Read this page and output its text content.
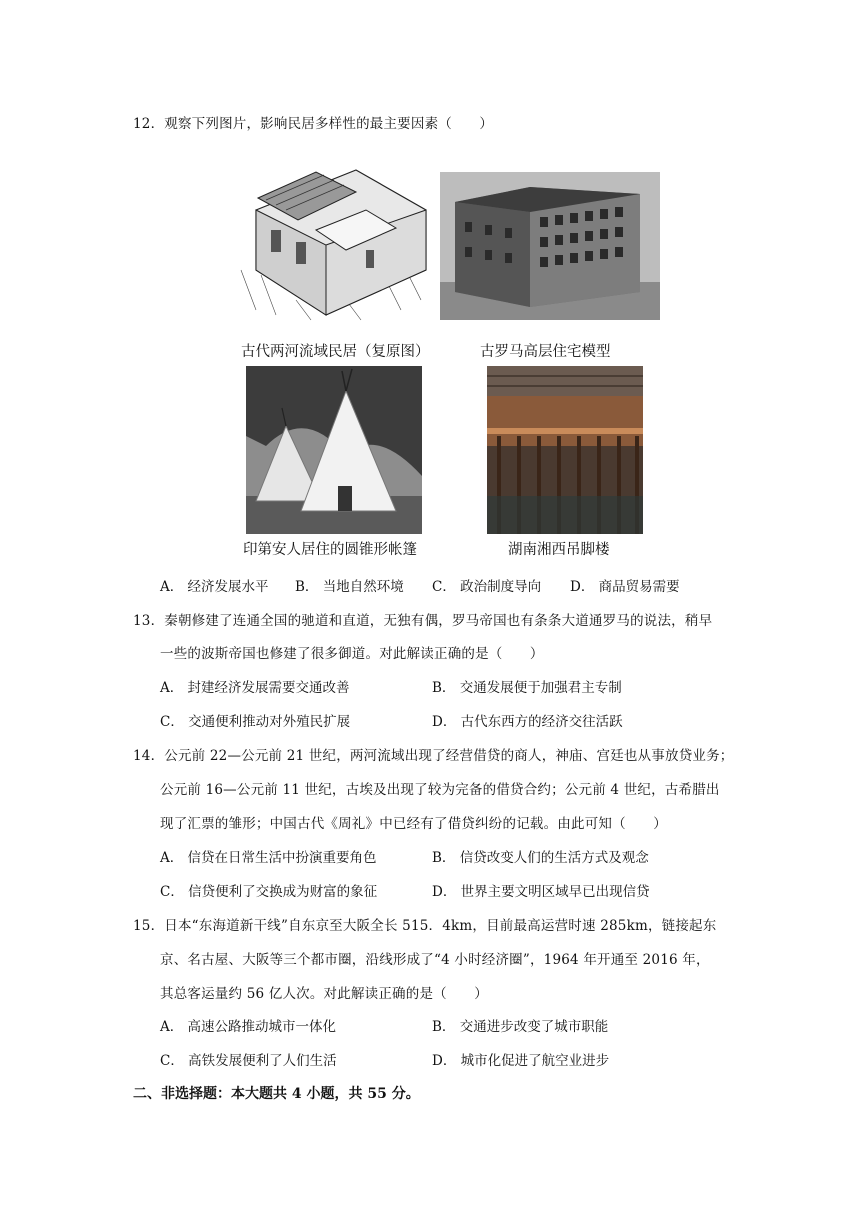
12．观察下列图片，影响民居多样性的最主要因素（　　）
古代两河流域民居（复原图）	古罗马高层住宅模型
印第安人居住的圆锥形帐篷	湖南湘西吊脚楼
A． 经济发展水平 B． 当地自然环境 C． 政治制度导向 D． 商品贸易需要
13．秦朝修建了连通全国的驰道和直道，无独有偶，罗马帝国也有条条大道通罗马的说法，稍早
一些的波斯帝国也修建了很多御道。对此解读正确的是（　　）
A． 封建经济发展需要交通改善	B． 交通发展便于加强君主专制
C． 交通便利推动对外殖民扩展	D． 古代东西方的经济交往活跃
14．公元前 22—公元前 21 世纪，两河流域出现了经营借贷的商人，神庙、宫廷也从事放贷业务；
公元前 16—公元前 11 世纪，古埃及出现了较为完备的借贷合约；公元前 4 世纪，古希腊出
现了汇票的雏形；中国古代《周礼》中已经有了借贷纠纷的记载。由此可知（　　）
A． 信贷在日常生活中扮演重要角色	B． 信贷改变人们的生活方式及观念
C． 信贷便利了交换成为财富的象征	D． 世界主要文明区域早已出现信贷
15．日本“东海道新干线”自东京至大阪全长 515．4km，目前最高运营时速 285km，链接起东
京、名古屋、大阪等三个都市圈，沿线形成了“4 小时经济圈”，1964 年开通至 2016 年，
其总客运量约 56 亿人次。对此解读正确的是（　　）
A． 高速公路推动城市一体化	B． 交通进步改变了城市职能
C． 高铁发展便利了人们生活	D． 城市化促进了航空业进步
二、非选择题：本大题共 4 小题，共 55 分。
